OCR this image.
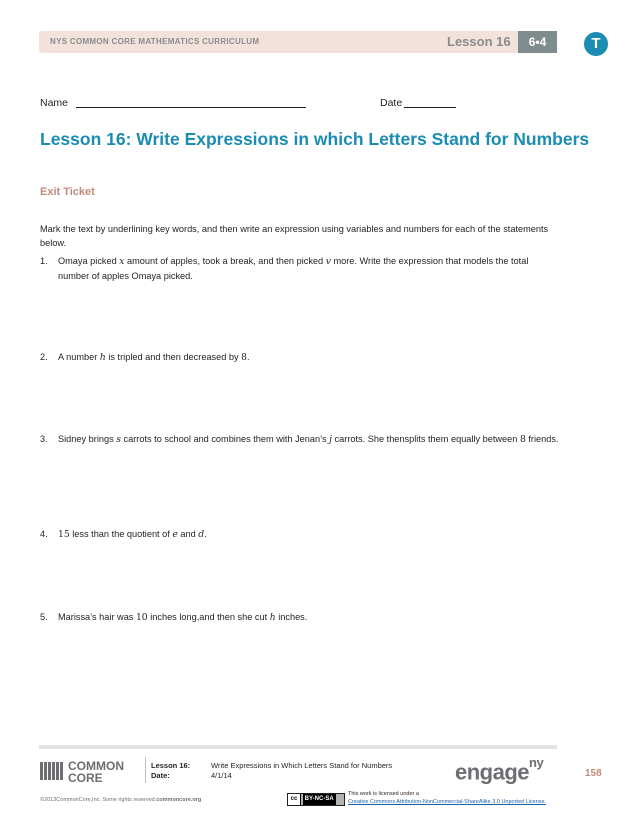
NYS COMMON CORE MATHEMATICS CURRICULUM	Lesson 16	6•4	T
Name	Date
Lesson 16: Write Expressions in which Letters Stand for Numbers
Exit Ticket
Mark the text by underlining key words, and then write an expression using variables and numbers for each of the statements below.
1. Omaya picked x amount of apples, took a break, and then picked v more. Write the expression that models the total number of apples Omaya picked.
2. A number h is tripled and then decreased by 8.
3. Sidney brings s carrots to school and combines them with Jenan’s j carrots. She thensplits them equally between 8 friends.
4. 15 less than the quotient of e and d.
5. Marissa’s hair was 10 inches long,and then she cut h inches.
COMMON
CORE
Lesson 16:	Write Expressions in Which Letters Stand for Numbers
Date:	4/1/14	engage$^{ny}$
158
©2013CommonCore,Inc. Some rights reserved.commoncore.org	cc BY-NC-SA
This work is licensed under a
Creative Commons Attribution-NonCommercial-ShareAlike 3.0 Unported License.
